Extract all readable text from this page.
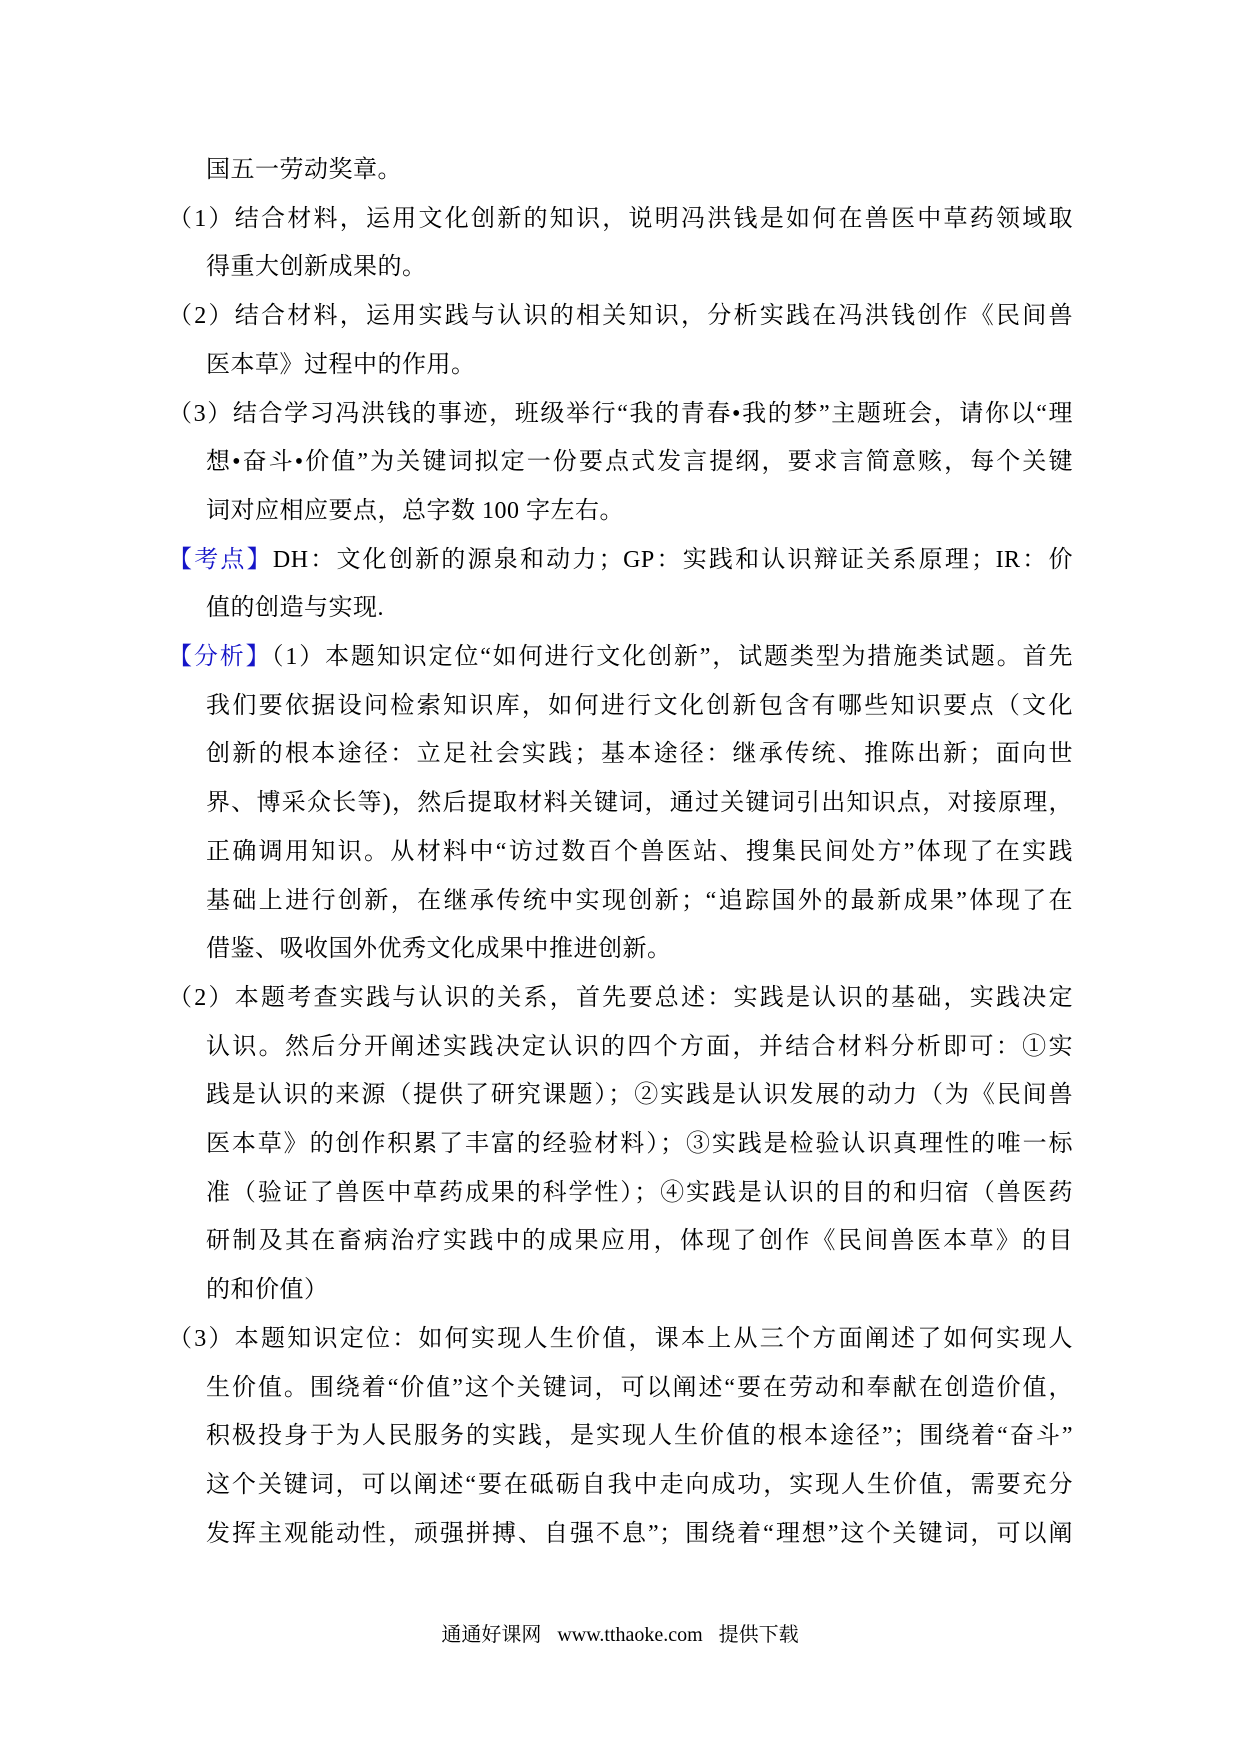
国五一劳动奖章。
（1）结合材料，运用文化创新的知识，说明冯洪钱是如何在兽医中草药领域取
得重大创新成果的。
（2）结合材料，运用实践与认识的相关知识，分析实践在冯洪钱创作《民间兽
医本草》过程中的作用。
（3）结合学习冯洪钱的事迹，班级举行“我的青春•我的梦”主题班会，请你以“理
想•奋斗•价值”为关键词拟定一份要点式发言提纲，要求言简意赅，每个关键
词对应相应要点，总字数 100 字左右。
【考点】DH：文化创新的源泉和动力；GP：实践和认识辩证关系原理；IR：价
值的创造与实现.
【分析】（1）本题知识定位“如何进行文化创新”，试题类型为措施类试题。首先
我们要依据设问检索知识库，如何进行文化创新包含有哪些知识要点（文化
创新的根本途径：立足社会实践；基本途径：继承传统、推陈出新；面向世
界、博采众长等)，然后提取材料关键词，通过关键词引出知识点，对接原理，
正确调用知识。从材料中“访过数百个兽医站、搜集民间处方”体现了在实践
基础上进行创新，在继承传统中实现创新；“追踪国外的最新成果”体现了在
借鉴、吸收国外优秀文化成果中推进创新。
（2）本题考查实践与认识的关系，首先要总述：实践是认识的基础，实践决定
认识。然后分开阐述实践决定认识的四个方面，并结合材料分析即可：①实
践是认识的来源（提供了研究课题）；②实践是认识发展的动力（为《民间兽
医本草》的创作积累了丰富的经验材料）；③实践是检验认识真理性的唯一标
准（验证了兽医中草药成果的科学性）；④实践是认识的目的和归宿（兽医药
研制及其在畜病治疗实践中的成果应用，体现了创作《民间兽医本草》的目
的和价值）
（3）本题知识定位：如何实现人生价值，课本上从三个方面阐述了如何实现人
生价值。围绕着“价值”这个关键词，可以阐述“要在劳动和奉献在创造价值，
积极投身于为人民服务的实践，是实现人生价值的根本途径”；围绕着“奋斗”
这个关键词，可以阐述“要在砥砺自我中走向成功，实现人生价值，需要充分
发挥主观能动性，顽强拼搏、自强不息”；围绕着“理想”这个关键词，可以阐
通通好课网 www.tthaoke.com 提供下载
